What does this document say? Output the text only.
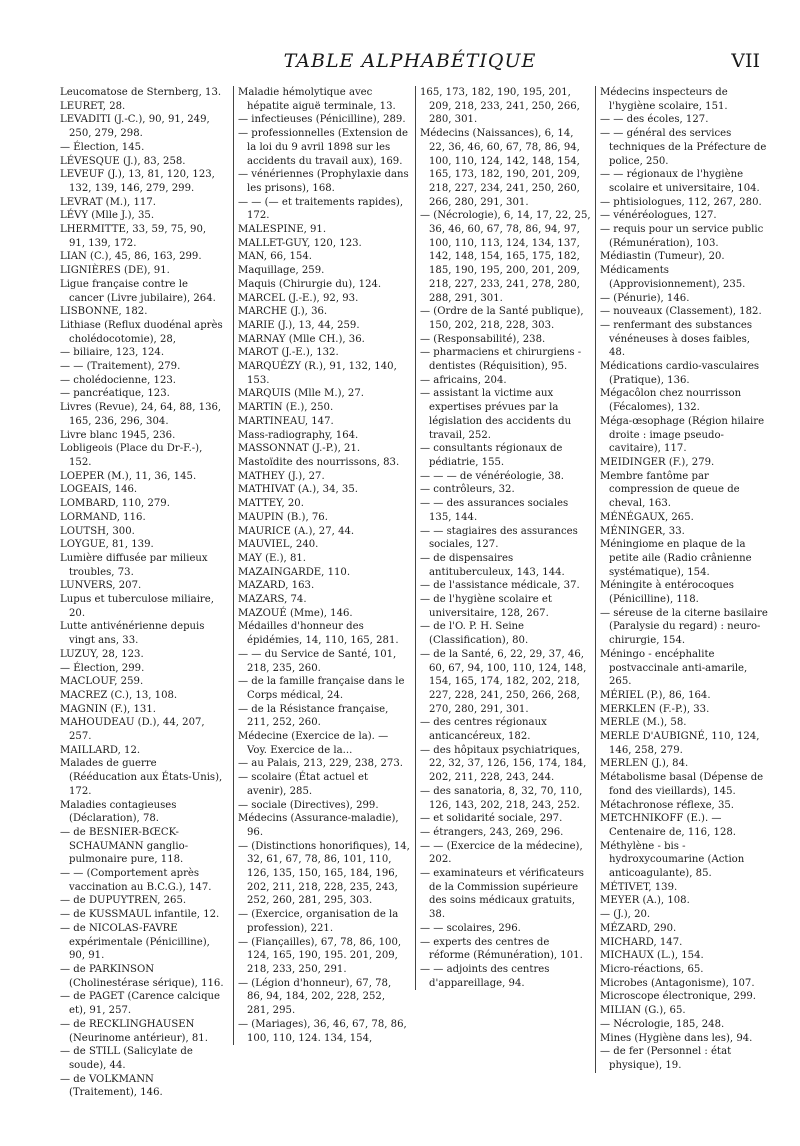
TABLE ALPHABÉTIQUE	VII

Leucomatose de Sternberg, 13.

LEURET, 28.

LEVADITI (J.-C.), 90, 91, 249, 250, 279, 298.

— Élection, 145.

LÉVESQUE (J.), 83, 258.

LEVEUF (J.), 13, 81, 120, 123, 132, 139, 146, 279, 299.

LEVRAT (M.), 117.

LÉVY (Mlle J.), 35.

LHERMITTE, 33, 59, 75, 90, 91, 139, 172.

LIAN (C.), 45, 86, 163, 299.

LIGNIÈRES (DE), 91.

Ligue française contre le cancer (Livre jubilaire), 264.

LISBONNE, 182.

Lithiase (Reflux duodénal après cholédocotomie), 28,

— biliaire, 123, 124.

— — (Traitement), 279.

— cholédocienne, 123.

— pancréatique, 123.

Livres (Revue), 24, 64, 88, 136, 165, 236, 296, 304.

Livre blanc 1945, 236.

Lobligeois (Place du Dr-F.-), 152.

LOEPER (M.), 11, 36, 145.

LOGEAIS, 146.

LOMBARD, 110, 279.

LORMAND, 116.

LOUTSH, 300.

LOYGUE, 81, 139.

Lumière diffusée par milieux troubles, 73.

LUNVERS, 207.

Lupus et tuberculose miliaire, 20.

Lutte antivénérienne depuis vingt ans, 33.

LUZUY, 28, 123.

— Élection, 299.

MACLOUF, 259.

MACREZ (C.), 13, 108.

MAGNIN (F.), 131.

MAHOUDEAU (D.), 44, 207, 257.

MAILLARD, 12.

Malades de guerre (Rééducation aux États-Unis), 172.

Maladies contagieuses (Déclaration), 78.

— de BESNIER-BŒCK-SCHAUMANN ganglio-pulmonaire pure, 118.

— — (Comportement après vaccination au B.C.G.), 147.

— de DUPUYTREN, 265.

— de KUSSMAUL infantile, 12.

— de NICOLAS-FAVRE expérimentale (Pénicilline), 90, 91.

— de PARKINSON (Cholinestérase sérique), 116.

— de PAGET (Carence calcique et), 91, 257.

— de RECKLINGHAUSEN (Neurinome antérieur), 81.

— de STILL (Salicylate de soude), 44.

— de VOLKMANN (Traitement), 146.

Maladie hémolytique avec hépatite aiguë terminale, 13.

— infectieuses (Pénicilline), 289.

— professionnelles (Extension de la loi du 9 avril 1898 sur les accidents du travail aux), 169.

— vénériennes (Prophylaxie dans les prisons), 168.

— — (— et traitements rapides), 172.

MALESPINE, 91.

MALLET-GUY, 120, 123.

MAN, 66, 154.

Maquillage, 259.

Maquis (Chirurgie du), 124.

MARCEL (J.-E.), 92, 93.

MARCHE (J.), 36.

MARIE (J.), 13, 44, 259.

MARNAY (Mlle CH.), 36.

MAROT (J.-E.), 132.

MARQUÉZY (R.), 91, 132, 140, 153.

MARQUIS (Mlle M.), 27.

MARTIN (E.), 250.

MARTINEAU, 147.

Mass-radiography, 164.

MASSONNAT (J.-P.), 21.

Mastoïdite des nourrissons, 83.

MATHEY (J.), 27.

MATHIVAT (A.), 34, 35.

MATTEY, 20.

MAUPIN (B.), 76.

MAURICE (A.), 27, 44.

MAUVIEL, 240.

MAY (E.), 81.

MAZAINGARDE, 110.

MAZARD, 163.

MAZARS, 74.

MAZOUÉ (Mme), 146.

Médailles d'honneur des épidémies, 14, 110, 165, 281.

— — du Service de Santé, 101, 218, 235, 260.

— de la famille française dans le Corps médical, 24.

— de la Résistance française, 211, 252, 260.

Médecine (Exercice de la). — Voy. Exercice de la...

— au Palais, 213, 229, 238, 273.

— scolaire (État actuel et avenir), 285.

— sociale (Directives), 299.

Médecins (Assurance-maladie), 96.

— (Distinctions honorifiques), 14, 32, 61, 67, 78, 86, 101, 110, 126, 135, 150, 165, 184, 196, 202, 211, 218, 228, 235, 243, 252, 260, 281, 295, 303.

— (Exercice, organisation de la profession), 221.

— (Fiançailles), 67, 78, 86, 100, 124, 165, 190, 195. 201, 209, 218, 233, 250, 291.

— (Légion d'honneur), 67, 78, 86, 94, 184, 202, 228, 252, 281, 295.

— (Mariages), 36, 46, 67, 78, 86, 100, 110, 124. 134, 154,

165, 173, 182, 190, 195, 201, 209, 218, 233, 241, 250, 266, 280, 301.

Médecins (Naissances), 6, 14, 22, 36, 46, 60, 67, 78, 86, 94, 100, 110, 124, 142, 148, 154, 165, 173, 182, 190, 201, 209, 218, 227, 234, 241, 250, 260, 266, 280, 291, 301.

— (Nécrologie), 6, 14, 17, 22, 25, 36, 46, 60, 67, 78, 86, 94, 97, 100, 110, 113, 124, 134, 137, 142, 148, 154, 165, 175, 182, 185, 190, 195, 200, 201, 209, 218, 227, 233, 241, 278, 280, 288, 291, 301.

— (Ordre de la Santé publique), 150, 202, 218, 228, 303.

— (Responsabilité), 238.

— pharmaciens et chirurgiens - dentistes (Réquisition), 95.

— africains, 204.

— assistant la victime aux expertises prévues par la législation des accidents du travail, 252.

— consultants régionaux de pédiatrie, 155.

— — — de vénéréologie, 38.

— contrôleurs, 32.

— — des assurances sociales 135, 144.

— — stagiaires des assurances sociales, 127.

— de dispensaires antituberculeux, 143, 144.

— de l'assistance médicale, 37.

— de l'hygiène scolaire et universitaire, 128, 267.

— de l'O. P. H. Seine (Classification), 80.

— de la Santé, 6, 22, 29, 37, 46, 60, 67, 94, 100, 110, 124, 148, 154, 165, 174, 182, 202, 218, 227, 228, 241, 250, 266, 268, 270, 280, 291, 301.

— des centres régionaux anticancéreux, 182.

— des hôpitaux psychiatriques, 22, 32, 37, 126, 156, 174, 184, 202, 211, 228, 243, 244.

— des sanatoria, 8, 32, 70, 110, 126, 143, 202, 218, 243, 252.

— et solidarité sociale, 297.

— étrangers, 243, 269, 296.

— — (Exercice de la médecine), 202.

— examinateurs et vérificateurs de la Commission supérieure des soins médicaux gratuits, 38.

— — scolaires, 296.

— experts des centres de réforme (Rémunération), 101.

— — adjoints des centres d'appareillage, 94.

Médecins inspecteurs de l'hygiène scolaire, 151.

— — des écoles, 127.

— — général des services techniques de la Préfecture de police, 250.

— — régionaux de l'hygiène scolaire et universitaire, 104.

— phtisiologues, 112, 267, 280.

— vénéréologues, 127.

— requis pour un service public (Rémunération), 103.

Médiastin (Tumeur), 20.

Médicaments (Approvisionnement), 235.

— (Pénurie), 146.

— nouveaux (Classement), 182.

— renfermant des substances vénéneuses à doses faibles, 48.

Médications cardio-vasculaires (Pratique), 136.

Mégacôlon chez nourrisson (Fécalomes), 132.

Méga-œsophage (Région hilaire droite : image pseudo-cavitaire), 117.

MEIDINGER (F.), 279.

Membre fantôme par compression de queue de cheval, 163.

MÉNÉGAUX, 265.

MÉNINGER, 33.

Méningiome en plaque de la petite aile (Radio crânienne systématique), 154.

Méningite à entérocoques (Pénicilline), 118.

— séreuse de la citerne basilaire (Paralysie du regard) : neuro-chirurgie, 154.

Méningo - encéphalite postvaccinale anti-amarile, 265.

MÉRIEL (P.), 86, 164.

MERKLEN (F.-P.), 33.

MERLE (M.), 58.

MERLE D'AUBIGNÉ, 110, 124, 146, 258, 279.

MERLEN (J.), 84.

Métabolisme basal (Dépense de fond des vieillards), 145.

Métachronose réflexe, 35.

METCHNIKOFF (E.). — Centenaire de, 116, 128.

Méthylène - bis - hydroxycoumarine (Action anticoagulante), 85.

MÉTIVET, 139.

MEYER (A.), 108.

— (J.), 20.

MÉZARD, 290.

MICHARD, 147.

MICHAUX (L.), 154.

Micro-réactions, 65.

Microbes (Antagonisme), 107.

Microscope électronique, 299.

MILIAN (G.), 65.

— Nécrologie, 185, 248.

Mines (Hygiène dans les), 94.

— de fer (Personnel : état physique), 19.
